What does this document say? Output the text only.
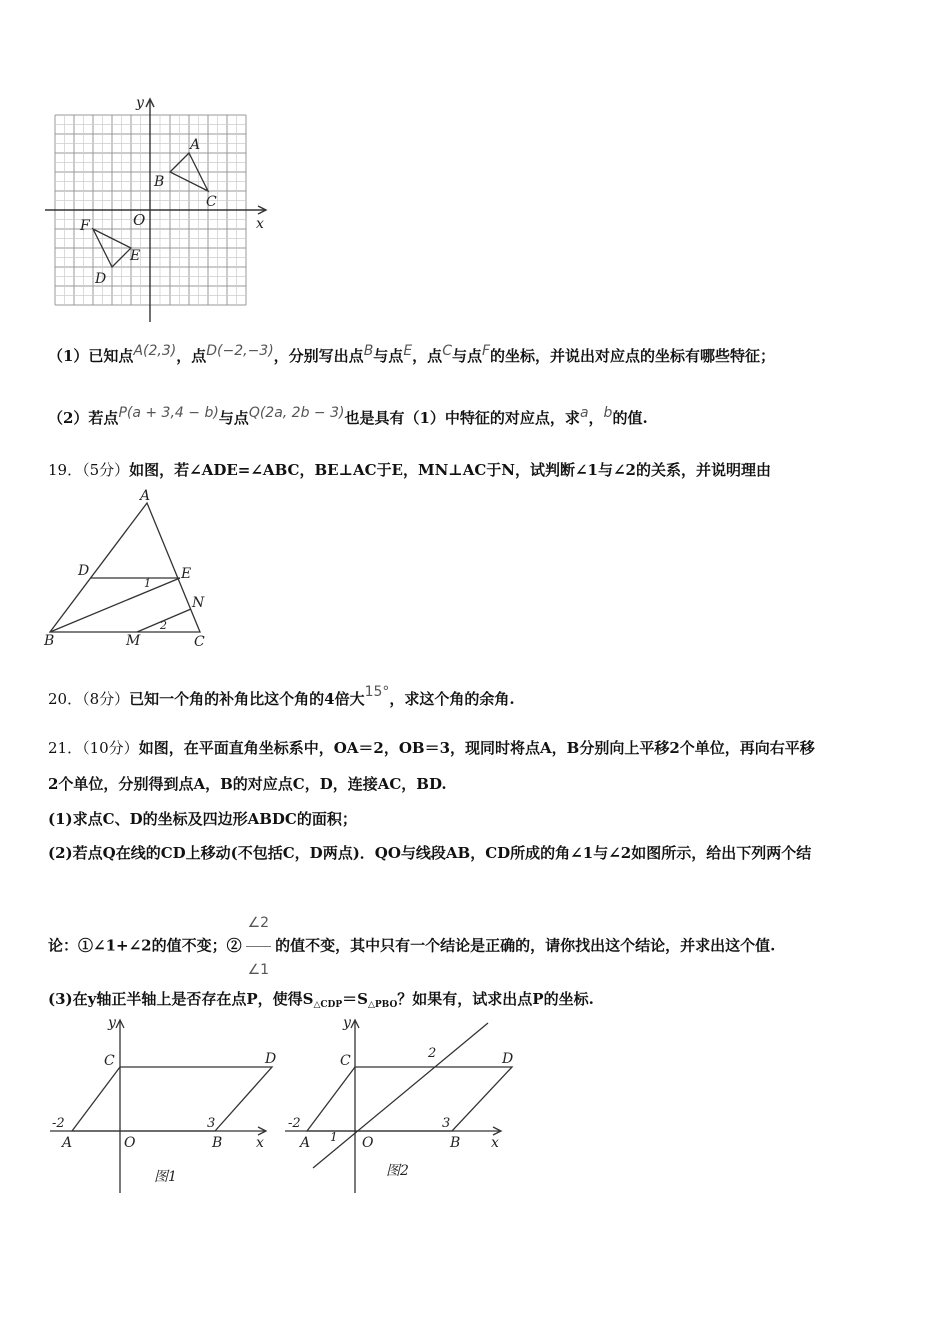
y
x
O
A
B
C
D
E
F
（1）已知点A(2,3)，点D(−2,−3)，分别写出点B与点E，点C与点F的坐标，并说出对应点的坐标有哪些特征；
（2）若点P(a + 3,4 − b)与点Q(2a, 2b − 3)也是具有（1）中特征的对应点，求a，b的值.
19．（5分）如图，若∠ADE=∠ABC，BE⊥AC于E，MN⊥AC于N，试判断∠1与∠2的关系，并说明理由
A
D	E
N
B	M	C
1
2
20．（8分）已知一个角的补角比这个角的4倍大15°，求这个角的余角.
21．（10分）如图，在平面直角坐标系中，OA＝2，OB＝3，现同时将点A，B分别向上平移2个单位，再向右平移
2个单位，分别得到点A，B的对应点C，D，连接AC，BD.
(1)求点C、D的坐标及四边形ABDC的面积；
(2)若点Q在线的CD上移动(不包括C，D两点)．QO与线段AB，CD所成的角∠1与∠2如图所示，给出下列两个结
论：①∠1+∠2的值不变；② $\frac{\angle 2}{\angle 1}$ 的值不变，其中只有一个结论是正确的，请你找出这个结论，并求出这个值.
(3)在y轴正半轴上是否存在点P，使得$S_{\triangle CDP}=S_{\triangle PBO}$？如果有，试求出点P的坐标.
y
x
C	D
A	O	B
-2	3
图1
y
x
C	D
A	O	B
-2	3
1
2
图2
